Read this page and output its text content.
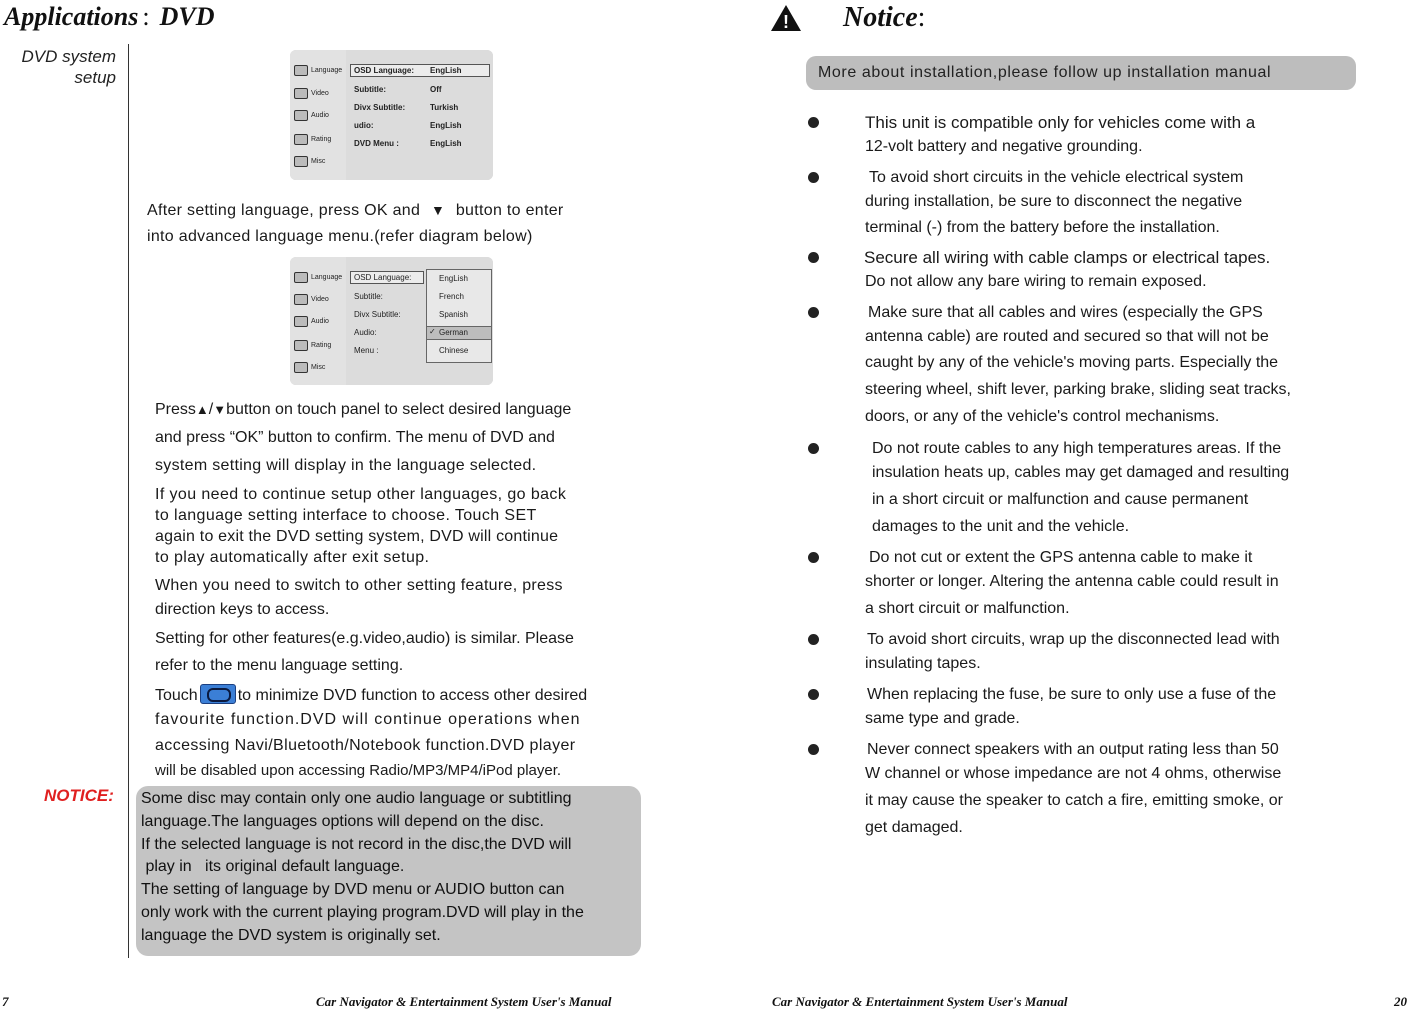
Applications : DVD
DVD system
setup	Language
Video
Audio
Rating
Misc
OSD Language: EngLish
Subtitle:	Off
Divx Subtitle:	Turkish
udio:	EngLish
DVD Menu :	EngLish
After setting language, press OK and ▼ button to enter
into advanced language menu.(refer diagram below)
Language
Video
Audio
Rating
Misc
OSD Language:
Subtitle:
Divx Subtitle:
Audio:
Menu :
EngLish
French
Spanish
✓ German
Chinese
Press▲/▼button on touch panel to select desired language
and press “OK” button to confirm. The menu of DVD and
system setting will display in the language selected.
If you need to continue setup other languages, go back
to language setting interface to choose. Touch SET
again to exit the DVD setting system, DVD will continue
to play automatically after exit setup.
When you need to switch to other setting feature, press
direction keys to access.
Setting for other features(e.g.video,audio) is similar. Please
refer to the menu language setting.
Touch	to minimize DVD function to access other desired
favourite function.DVD will continue operations when
accessing Navi/Bluetooth/Notebook function.DVD player
will be disabled upon accessing Radio/MP3/MP4/iPod player.
NOTICE: Some disc may contain only one audio language or subtitling
language.The languages options will depend on the disc.
If the selected language is not record in the disc,the DVD will
play in   its original default language.
The setting of language by DVD menu or AUDIO button can
only work with the current playing program.DVD will play in the
language the DVD system is originally set.
7	Car Navigator & Entertainment System User's Manual
! Notice:
More about installation,please follow up installation manual
This unit is compatible only for vehicles come with a
12-volt battery and negative grounding.
To avoid short circuits in the vehicle electrical system
during installation, be sure to disconnect the negative
terminal (-) from the battery before the installation.
Secure all wiring with cable clamps or electrical tapes.
Do not allow any bare wiring to remain exposed.
Make sure that all cables and wires (especially the GPS
antenna cable) are routed and secured so that will not be
caught by any of the vehicle's moving parts. Especially the
steering wheel, shift lever, parking brake, sliding seat tracks,
doors, or any of the vehicle's control mechanisms.
Do not route cables to any high temperatures areas. If the
insulation heats up, cables may get damaged and resulting
in a short circuit or malfunction and cause permanent
damages to the unit and the vehicle.
Do not cut or extent the GPS antenna cable to make it
shorter or longer. Altering the antenna cable could result in
a short circuit or malfunction.
To avoid short circuits, wrap up the disconnected lead with
insulating tapes.
When replacing the fuse, be sure to only use a fuse of the
same type and grade.
Never connect speakers with an output rating less than 50
W channel or whose impedance are not 4 ohms, otherwise
it may cause the speaker to catch a fire, emitting smoke, or
get damaged.
Car Navigator & Entertainment System User's Manual	20
